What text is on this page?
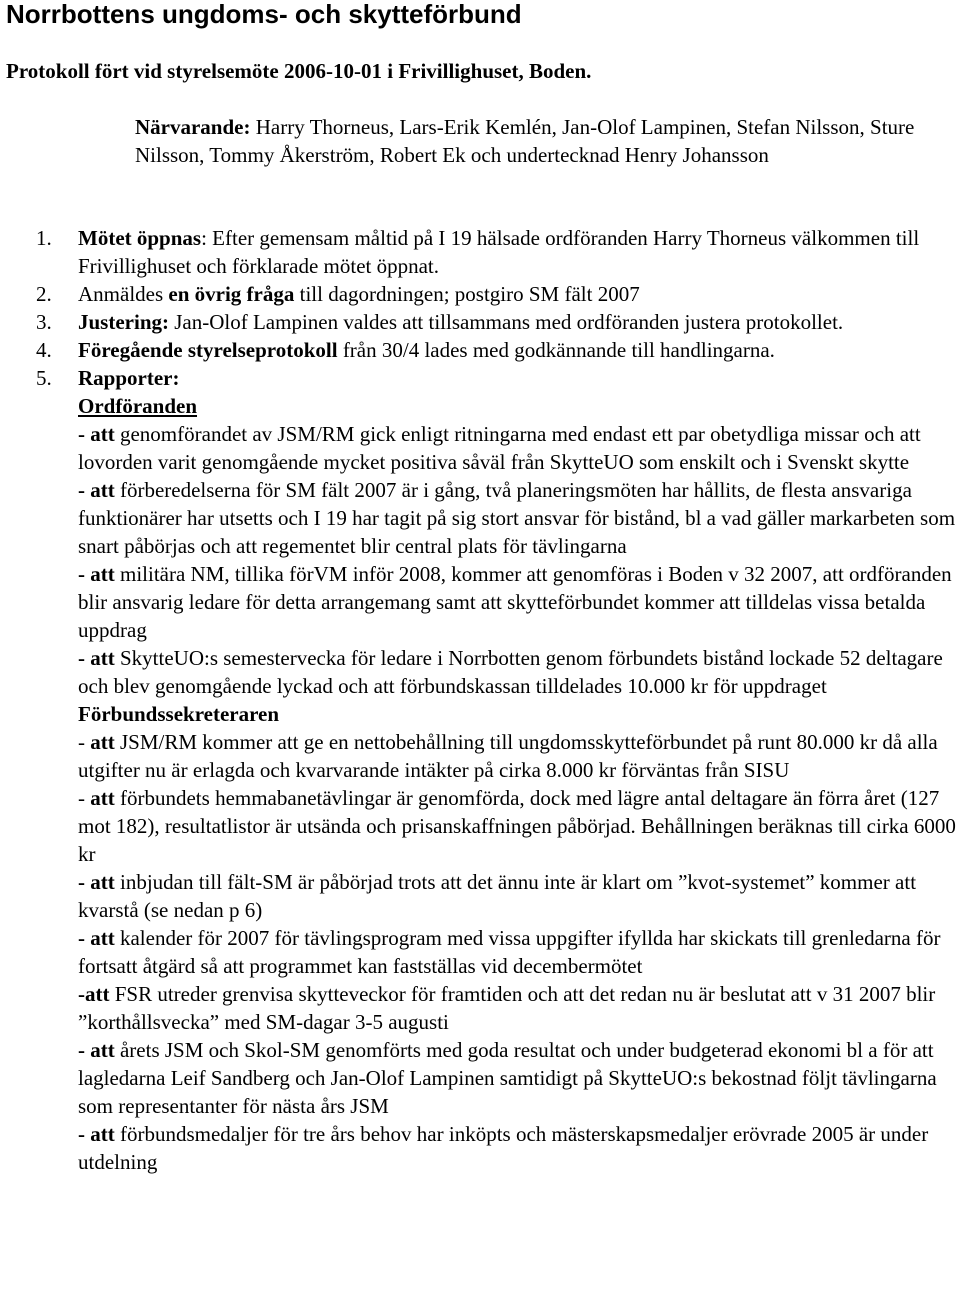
Norrbottens ungdoms- och skytteförbund
Protokoll fört vid styrelsemöte 2006-10-01 i Frivillighuset, Boden.
Närvarande: Harry Thorneus, Lars-Erik Kemlén, Jan-Olof Lampinen, Stefan Nilsson, Sture Nilsson, Tommy Åkerström, Robert Ek och undertecknad Henry Johansson
1. Mötet öppnas: Efter gemensam måltid på I 19 hälsade ordföranden Harry Thorneus välkommen till Frivillighuset och förklarade mötet öppnat.
2. Anmäldes en övrig fråga till dagordningen; postgiro SM fält 2007
3. Justering: Jan-Olof Lampinen valdes att tillsammans med ordföranden justera protokollet.
4. Föregående styrelseprotokoll från 30/4 lades med godkännande till handlingarna.
5. Rapporter:
Ordföranden
- att genomförandet av JSM/RM gick enligt ritningarna med endast ett par obetydliga missar och att lovorden varit genomgående mycket positiva såväl från SkytteUO som enskilt och i Svenskt skytte
- att förberedelserna för SM fält 2007 är i gång, två planeringsmöten har hållits, de flesta ansvariga funktionärer har utsetts och I 19 har tagit på sig stort ansvar för bistånd, bl a vad gäller markarbeten som snart påbörjas och att regementet blir central plats för tävlingarna
- att militära NM, tillika förVM inför 2008, kommer att genomföras i Boden v 32 2007, att ordföranden blir ansvarig ledare för detta arrangemang samt att skytteförbundet kommer att tilldelas vissa betalda uppdrag
- att SkytteUO:s semestervecka för ledare i Norrbotten genom förbundets bistånd lockade 52 deltagare och blev genomgående lyckad och att förbundskassan tilldelades 10.000 kr för uppdraget
Förbundssekreteraren
- att JSM/RM kommer att ge en nettobehållning till ungdomsskytteförbundet på runt 80.000 kr då alla utgifter nu är erlagda och kvarvarande intäkter på cirka 8.000 kr förväntas från SISU
- att förbundets hemmabanetävlingar är genomförda, dock med lägre antal deltagare än förra året (127 mot 182), resultatlistor är utsända och prisanskaffningen påbörjad. Behållningen beräknas till cirka 6000 kr
- att inbjudan till fält-SM är påbörjad trots att det ännu inte är klart om ”kvot-systemet” kommer att kvarstå (se nedan p 6)
- att kalender för 2007 för tävlingsprogram med vissa uppgifter ifyllda har skickats till grenledarna för fortsatt åtgärd så att programmet kan fastställas vid decembermötet
-att FSR utreder grenvisa skytteveckor för framtiden och att det redan nu är beslutat att v 31 2007 blir ”korthållsvecka” med SM-dagar 3-5 augusti
- att årets JSM och Skol-SM genomförts med goda resultat och under budgeterad ekonomi bl a för att lagledarna Leif Sandberg och Jan-Olof Lampinen samtidigt på SkytteUO:s bekostnad följt tävlingarna som representanter för nästa års JSM
- att förbundsmedaljer för tre års behov har inköpts och mästerskapsmedaljer erövrade 2005 är under utdelning
